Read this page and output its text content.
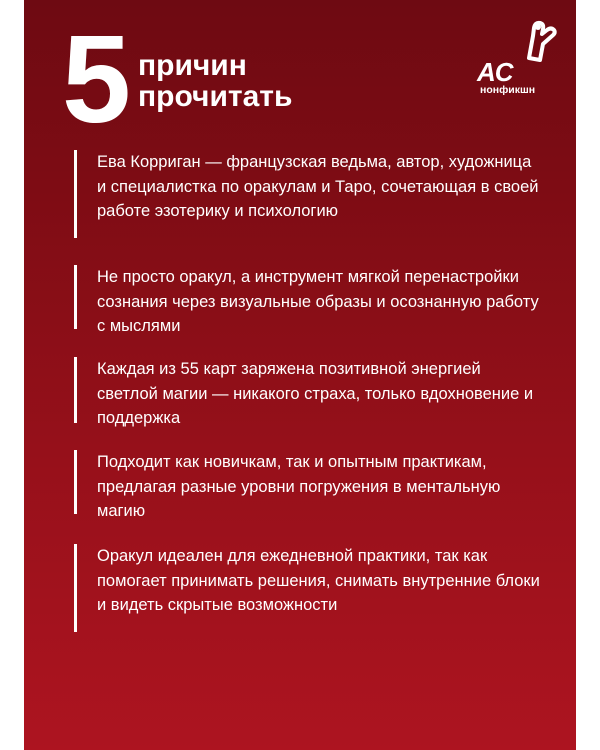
5 причин
прочитать
AC
нонфикшн
Ева Корриган — французская ведьма, автор, художница и специалистка по оракулам и Таро, сочетающая в своей работе эзотерику и психологию
Не просто оракул, а инструмент мягкой перенастройки сознания через визуальные образы и осознанную работу с мыслями
Каждая из 55 карт заряжена позитивной энергией светлой магии — никакого страха, только вдохновение и поддержка
Подходит как новичкам, так и опытным практикам, предлагая разные уровни погружения в ментальную магию
Оракул идеален для ежедневной практики, так как помогает принимать решения, снимать внутренние блоки и видеть скрытые возможности
